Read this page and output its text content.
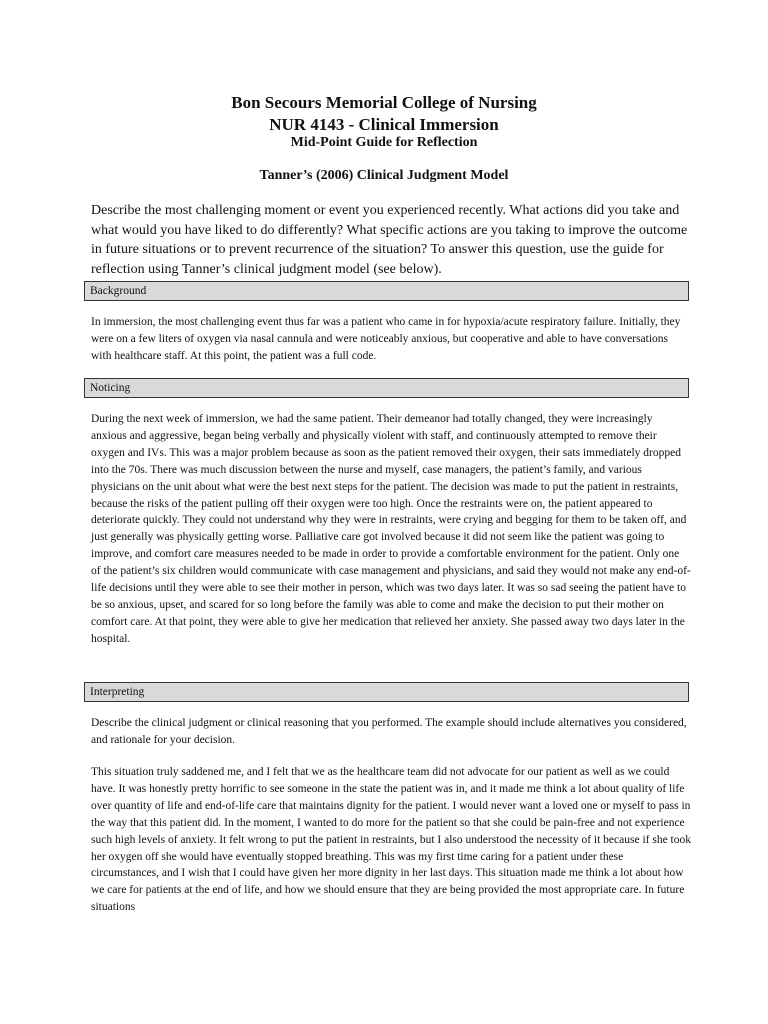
Bon Secours Memorial College of Nursing
NUR 4143 - Clinical Immersion
Mid-Point Guide for Reflection
Tanner’s (2006) Clinical Judgment Model

Describe the most challenging moment or event you experienced recently. What actions did you take and what would you have liked to do differently? What specific actions are you taking to improve the outcome in future situations or to prevent recurrence of the situation? To answer this question, use the guide for reflection using Tanner’s clinical judgment model (see below).

Background

In immersion, the most challenging event thus far was a patient who came in for hypoxia/acute respiratory failure. Initially, they were on a few liters of oxygen via nasal cannula and were noticeably anxious, but cooperative and able to have conversations with healthcare staff. At this point, the patient was a full code.

Noticing

During the next week of immersion, we had the same patient. Their demeanor had totally changed, they were increasingly anxious and aggressive, began being verbally and physically violent with staff, and continuously attempted to remove their oxygen and IVs. This was a major problem because as soon as the patient removed their oxygen, their sats immediately dropped into the 70s. There was much discussion between the nurse and myself, case managers, the patient’s family, and various physicians on the unit about what were the best next steps for the patient. The decision was made to put the patient in restraints, because the risks of the patient pulling off their oxygen were too high. Once the restraints were on, the patient appeared to deteriorate quickly. They could not understand why they were in restraints, were crying and begging for them to be taken off, and just generally was physically getting worse. Palliative care got involved because it did not seem like the patient was going to improve, and comfort care measures needed to be made in order to provide a comfortable environment for the patient. Only one of the patient’s six children would communicate with case management and physicians, and said they would not make any end-of-life decisions until they were able to see their mother in person, which was two days later. It was so sad seeing the patient have to be so anxious, upset, and scared for so long before the family was able to come and make the decision to put their mother on comfort care. At that point, they were able to give her medication that relieved her anxiety. She passed away two days later in the hospital.

Interpreting

Describe the clinical judgment or clinical reasoning that you performed. The example should include alternatives you considered, and rationale for your decision.

This situation truly saddened me, and I felt that we as the healthcare team did not advocate for our patient as well as we could have. It was honestly pretty horrific to see someone in the state the patient was in, and it made me think a lot about quality of life over quantity of life and end-of-life care that maintains dignity for the patient. I would never want a loved one or myself to pass in the way that this patient did. In the moment, I wanted to do more for the patient so that she could be pain-free and not experience such high levels of anxiety. It felt wrong to put the patient in restraints, but I also understood the necessity of it because if she took her oxygen off she would have eventually stopped breathing. This was my first time caring for a patient under these circumstances, and I wish that I could have given her more dignity in her last days. This situation made me think a lot about how we care for patients at the end of life, and how we should ensure that they are being provided the most appropriate care. In future situations
